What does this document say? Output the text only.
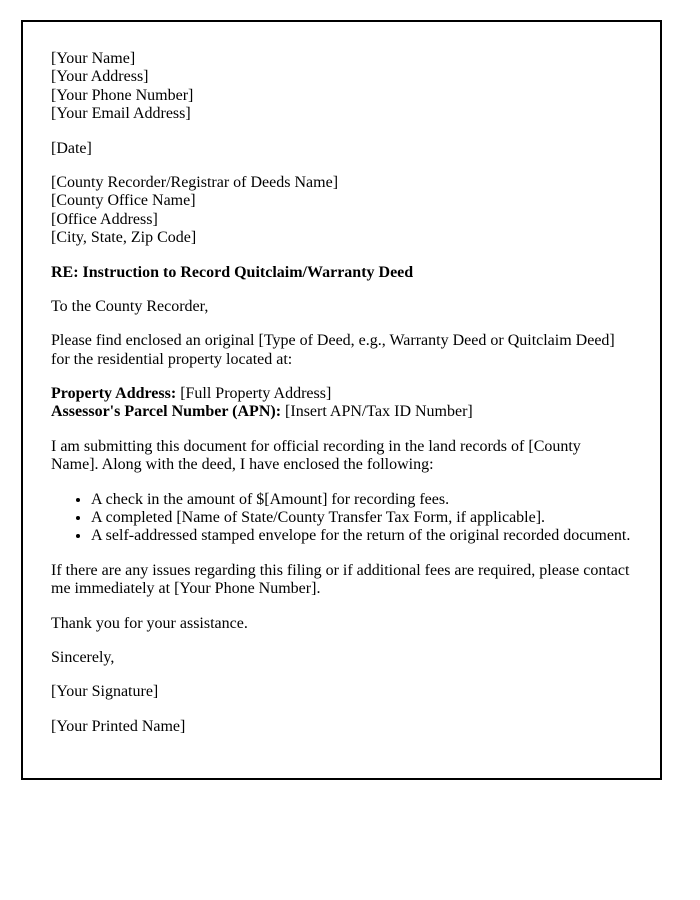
[Your Name]
[Your Address]
[Your Phone Number]
[Your Email Address]

[Date]

[County Recorder/Registrar of Deeds Name]
[County Office Name]
[Office Address]
[City, State, Zip Code]

RE: Instruction to Record Quitclaim/Warranty Deed

To the County Recorder,

Please find enclosed an original [Type of Deed, e.g., Warranty Deed or Quitclaim Deed] for the residential property located at:

Property Address: [Full Property Address]
Assessor's Parcel Number (APN): [Insert APN/Tax ID Number]

I am submitting this document for official recording in the land records of [County Name]. Along with the deed, I have enclosed the following:

• A check in the amount of $[Amount] for recording fees.
• A completed [Name of State/County Transfer Tax Form, if applicable].
• A self-addressed stamped envelope for the return of the original recorded document.

If there are any issues regarding this filing or if additional fees are required, please contact me immediately at [Your Phone Number].

Thank you for your assistance.

Sincerely,

[Your Signature]

[Your Printed Name]
